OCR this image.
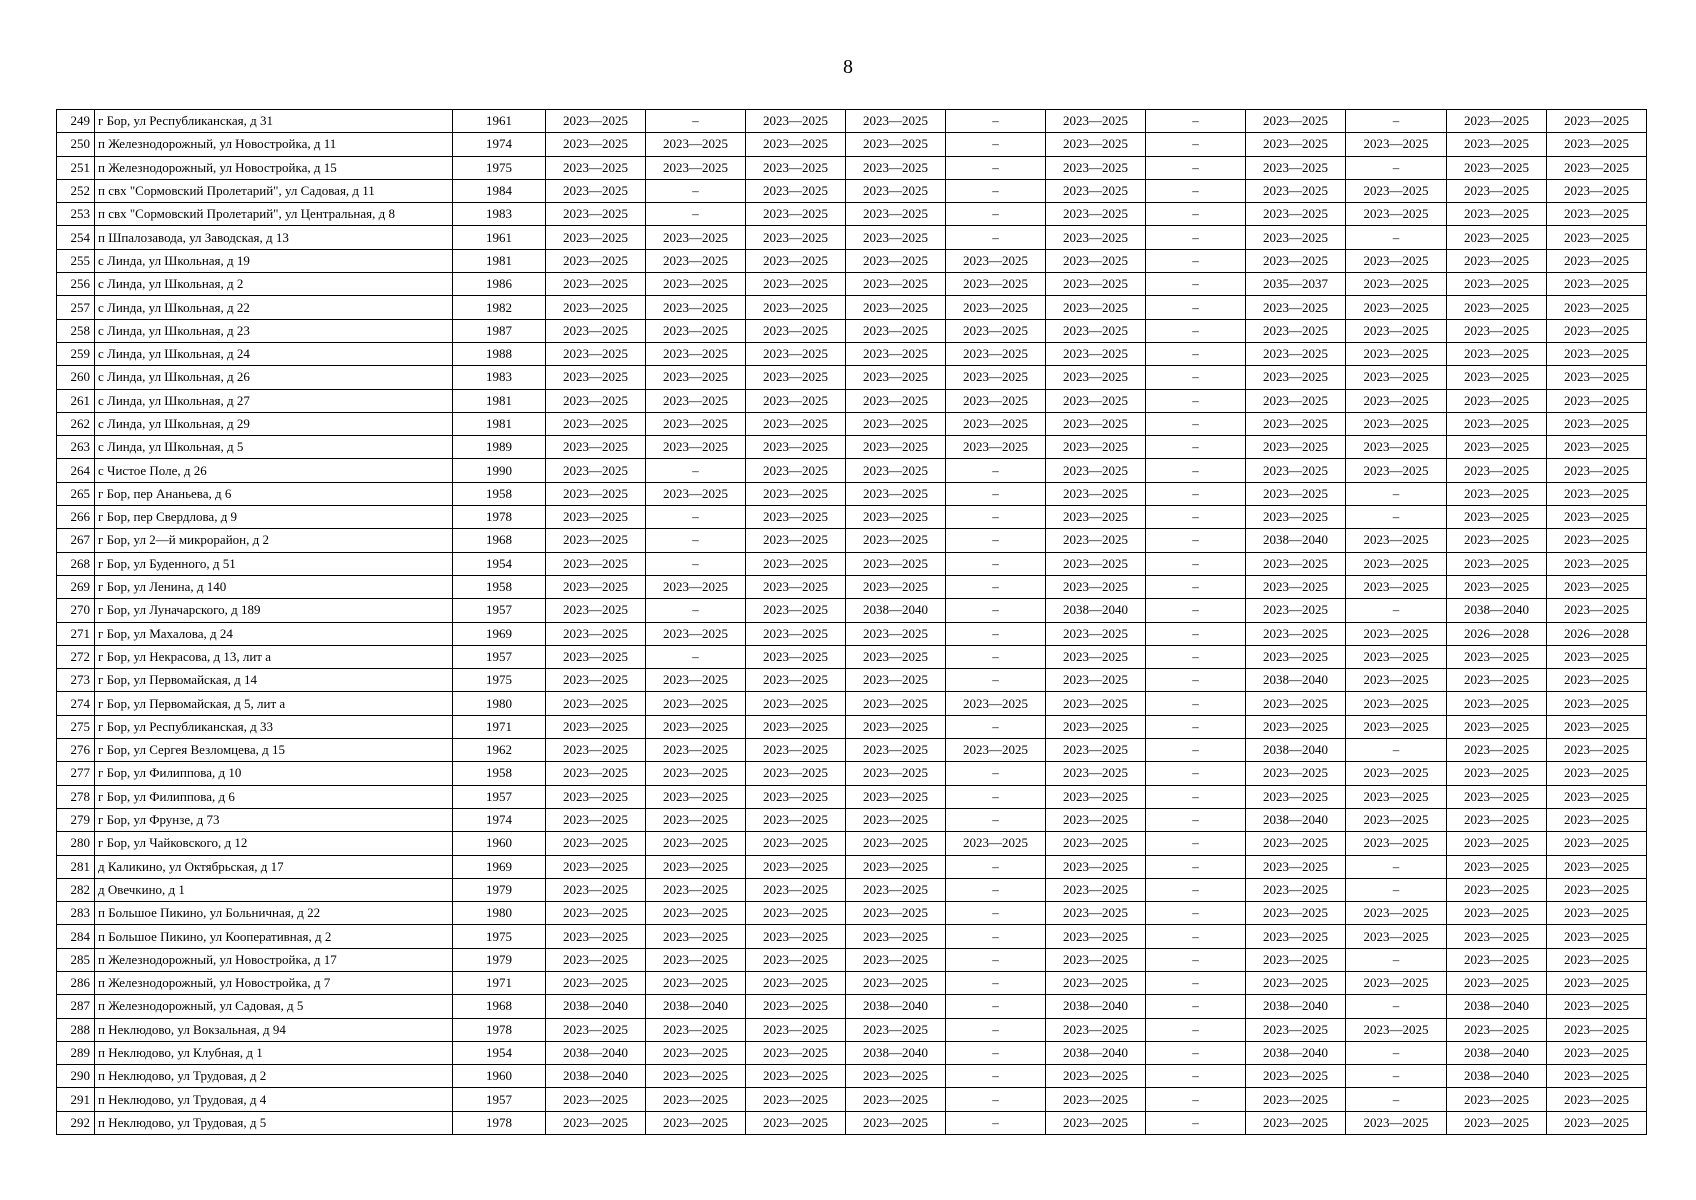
8
249	г Бор, ул Республиканская, д 31	1961	2023—2025	–	2023—2025	2023—2025	–	2023—2025	–	2023—2025	–	2023—2025	2023—2025
250	п Железнодорожный, ул Новостройка, д 11	1974	2023—2025	2023—2025	2023—2025	2023—2025	–	2023—2025	–	2023—2025	2023—2025	2023—2025	2023—2025
251	п Железнодорожный, ул Новостройка, д 15	1975	2023—2025	2023—2025	2023—2025	2023—2025	–	2023—2025	–	2023—2025	–	2023—2025	2023—2025
252	п свх "Сормовский Пролетарий", ул Садовая, д 11	1984	2023—2025	–	2023—2025	2023—2025	–	2023—2025	–	2023—2025	2023—2025	2023—2025	2023—2025
253	п свх "Сормовский Пролетарий", ул Центральная, д 8	1983	2023—2025	–	2023—2025	2023—2025	–	2023—2025	–	2023—2025	2023—2025	2023—2025	2023—2025
254	п Шпалозавода, ул Заводская, д 13	1961	2023—2025	2023—2025	2023—2025	2023—2025	–	2023—2025	–	2023—2025	–	2023—2025	2023—2025
255	с Линда, ул Школьная, д 19	1981	2023—2025	2023—2025	2023—2025	2023—2025	2023—2025	2023—2025	–	2023—2025	2023—2025	2023—2025	2023—2025
256	с Линда, ул Школьная, д 2	1986	2023—2025	2023—2025	2023—2025	2023—2025	2023—2025	2023—2025	–	2035—2037	2023—2025	2023—2025	2023—2025
257	с Линда, ул Школьная, д 22	1982	2023—2025	2023—2025	2023—2025	2023—2025	2023—2025	2023—2025	–	2023—2025	2023—2025	2023—2025	2023—2025
258	с Линда, ул Школьная, д 23	1987	2023—2025	2023—2025	2023—2025	2023—2025	2023—2025	2023—2025	–	2023—2025	2023—2025	2023—2025	2023—2025
259	с Линда, ул Школьная, д 24	1988	2023—2025	2023—2025	2023—2025	2023—2025	2023—2025	2023—2025	–	2023—2025	2023—2025	2023—2025	2023—2025
260	с Линда, ул Школьная, д 26	1983	2023—2025	2023—2025	2023—2025	2023—2025	2023—2025	2023—2025	–	2023—2025	2023—2025	2023—2025	2023—2025
261	с Линда, ул Школьная, д 27	1981	2023—2025	2023—2025	2023—2025	2023—2025	2023—2025	2023—2025	–	2023—2025	2023—2025	2023—2025	2023—2025
262	с Линда, ул Школьная, д 29	1981	2023—2025	2023—2025	2023—2025	2023—2025	2023—2025	2023—2025	–	2023—2025	2023—2025	2023—2025	2023—2025
263	с Линда, ул Школьная, д 5	1989	2023—2025	2023—2025	2023—2025	2023—2025	2023—2025	2023—2025	–	2023—2025	2023—2025	2023—2025	2023—2025
264	с Чистое Поле, д 26	1990	2023—2025	–	2023—2025	2023—2025	–	2023—2025	–	2023—2025	2023—2025	2023—2025	2023—2025
265	г Бор, пер Ананьева, д 6	1958	2023—2025	2023—2025	2023—2025	2023—2025	–	2023—2025	–	2023—2025	–	2023—2025	2023—2025
266	г Бор, пер Свердлова, д 9	1978	2023—2025	–	2023—2025	2023—2025	–	2023—2025	–	2023—2025	–	2023—2025	2023—2025
267	г Бор, ул 2—й микрорайон, д 2	1968	2023—2025	–	2023—2025	2023—2025	–	2023—2025	–	2038—2040	2023—2025	2023—2025	2023—2025
268	г Бор, ул Буденного, д 51	1954	2023—2025	–	2023—2025	2023—2025	–	2023—2025	–	2023—2025	2023—2025	2023—2025	2023—2025
269	г Бор, ул Ленина, д 140	1958	2023—2025	2023—2025	2023—2025	2023—2025	–	2023—2025	–	2023—2025	2023—2025	2023—2025	2023—2025
270	г Бор, ул Луначарского, д 189	1957	2023—2025	–	2023—2025	2038—2040	–	2038—2040	–	2023—2025	–	2038—2040	2023—2025
271	г Бор, ул Махалова, д 24	1969	2023—2025	2023—2025	2023—2025	2023—2025	–	2023—2025	–	2023—2025	2023—2025	2026—2028	2026—2028
272	г Бор, ул Некрасова, д 13, лит а	1957	2023—2025	–	2023—2025	2023—2025	–	2023—2025	–	2023—2025	2023—2025	2023—2025	2023—2025
273	г Бор, ул Первомайская, д 14	1975	2023—2025	2023—2025	2023—2025	2023—2025	–	2023—2025	–	2038—2040	2023—2025	2023—2025	2023—2025
274	г Бор, ул Первомайская, д 5, лит а	1980	2023—2025	2023—2025	2023—2025	2023—2025	2023—2025	2023—2025	–	2023—2025	2023—2025	2023—2025	2023—2025
275	г Бор, ул Республиканская, д 33	1971	2023—2025	2023—2025	2023—2025	2023—2025	–	2023—2025	–	2023—2025	2023—2025	2023—2025	2023—2025
276	г Бор, ул Сергея Везломцева, д 15	1962	2023—2025	2023—2025	2023—2025	2023—2025	2023—2025	2023—2025	–	2038—2040	–	2023—2025	2023—2025
277	г Бор, ул Филиппова, д 10	1958	2023—2025	2023—2025	2023—2025	2023—2025	–	2023—2025	–	2023—2025	2023—2025	2023—2025	2023—2025
278	г Бор, ул Филиппова, д 6	1957	2023—2025	2023—2025	2023—2025	2023—2025	–	2023—2025	–	2023—2025	2023—2025	2023—2025	2023—2025
279	г Бор, ул Фрунзе, д 73	1974	2023—2025	2023—2025	2023—2025	2023—2025	–	2023—2025	–	2038—2040	2023—2025	2023—2025	2023—2025
280	г Бор, ул Чайковского, д 12	1960	2023—2025	2023—2025	2023—2025	2023—2025	2023—2025	2023—2025	–	2023—2025	2023—2025	2023—2025	2023—2025
281	д Каликино, ул Октябрьская, д 17	1969	2023—2025	2023—2025	2023—2025	2023—2025	–	2023—2025	–	2023—2025	–	2023—2025	2023—2025
282	д Овечкино, д 1	1979	2023—2025	2023—2025	2023—2025	2023—2025	–	2023—2025	–	2023—2025	–	2023—2025	2023—2025
283	п Большое Пикино, ул Больничная, д 22	1980	2023—2025	2023—2025	2023—2025	2023—2025	–	2023—2025	–	2023—2025	2023—2025	2023—2025	2023—2025
284	п Большое Пикино, ул Кооперативная, д 2	1975	2023—2025	2023—2025	2023—2025	2023—2025	–	2023—2025	–	2023—2025	2023—2025	2023—2025	2023—2025
285	п Железнодорожный, ул Новостройка, д 17	1979	2023—2025	2023—2025	2023—2025	2023—2025	–	2023—2025	–	2023—2025	–	2023—2025	2023—2025
286	п Железнодорожный, ул Новостройка, д 7	1971	2023—2025	2023—2025	2023—2025	2023—2025	–	2023—2025	–	2023—2025	2023—2025	2023—2025	2023—2025
287	п Железнодорожный, ул Садовая, д 5	1968	2038—2040	2038—2040	2023—2025	2038—2040	–	2038—2040	–	2038—2040	–	2038—2040	2023—2025
288	п Неклюдово, ул Вокзальная, д 94	1978	2023—2025	2023—2025	2023—2025	2023—2025	–	2023—2025	–	2023—2025	2023—2025	2023—2025	2023—2025
289	п Неклюдово, ул Клубная, д 1	1954	2038—2040	2023—2025	2023—2025	2038—2040	–	2038—2040	–	2038—2040	–	2038—2040	2023—2025
290	п Неклюдово, ул Трудовая, д 2	1960	2038—2040	2023—2025	2023—2025	2023—2025	–	2023—2025	–	2023—2025	–	2038—2040	2023—2025
291	п Неклюдово, ул Трудовая, д 4	1957	2023—2025	2023—2025	2023—2025	2023—2025	–	2023—2025	–	2023—2025	–	2023—2025	2023—2025
292	п Неклюдово, ул Трудовая, д 5	1978	2023—2025	2023—2025	2023—2025	2023—2025	–	2023—2025	–	2023—2025	2023—2025	2023—2025	2023—2025
